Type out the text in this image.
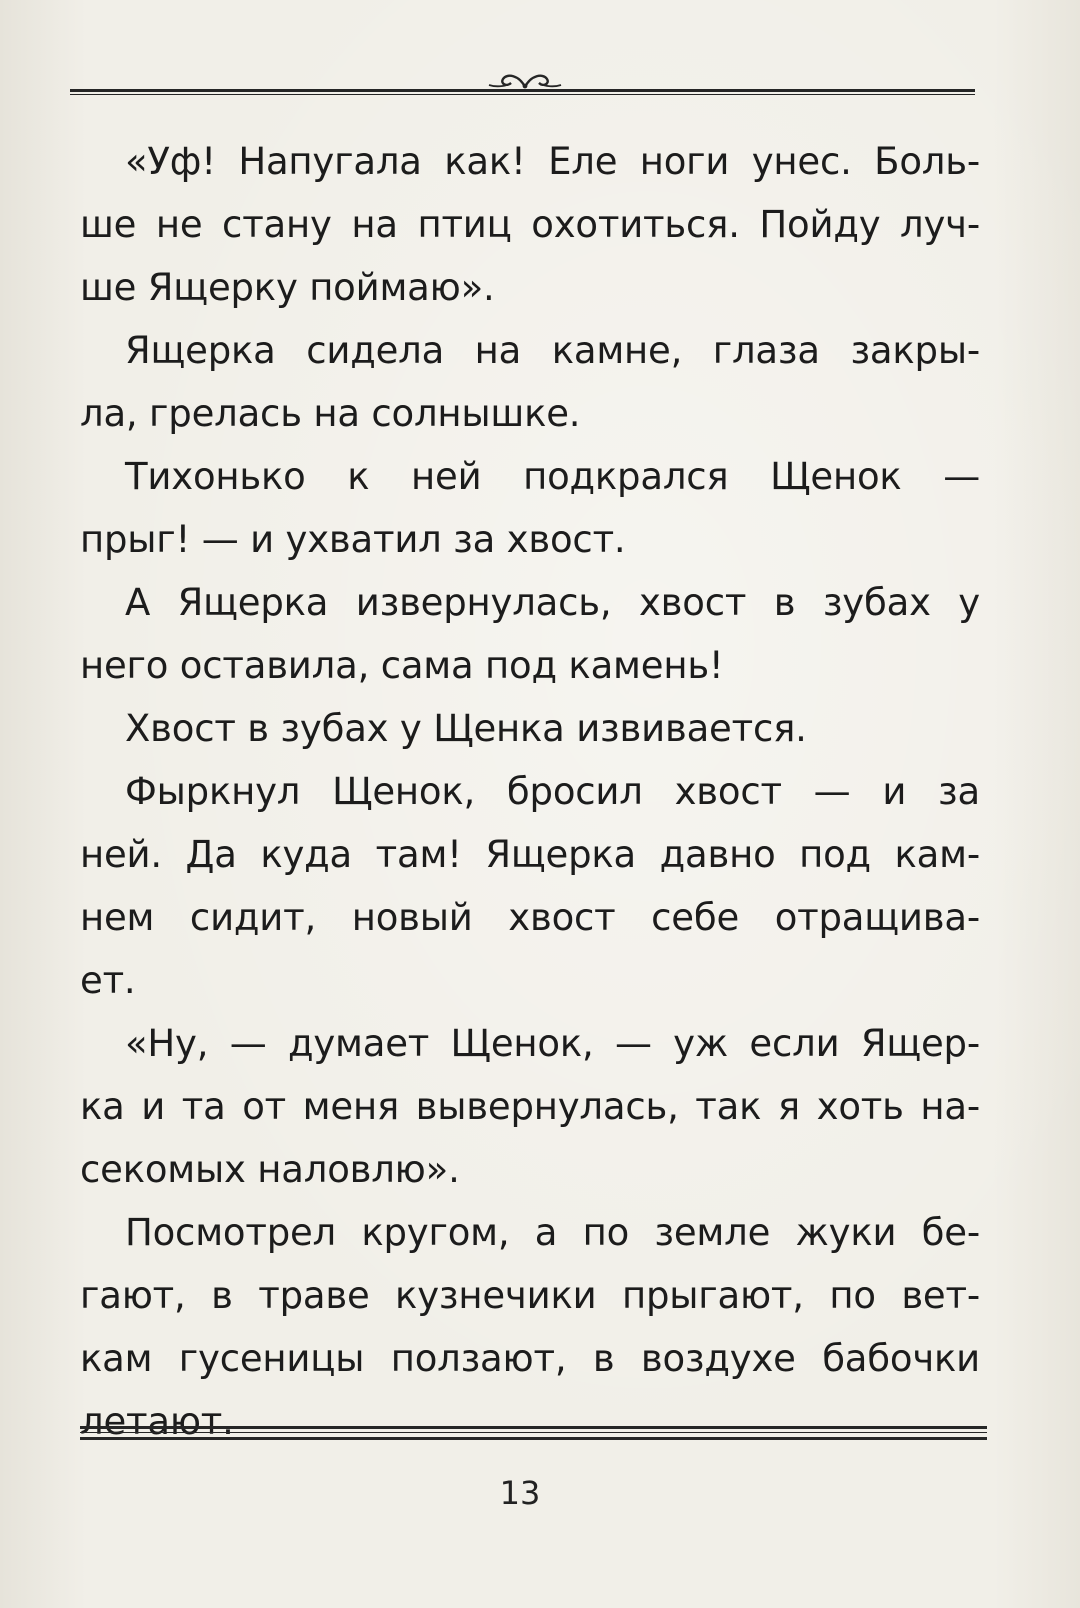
«Уф! Напугала как! Еле ноги унес. Боль-
ше не стану на птиц охотиться. Пойду луч-
ше Ящерку поймаю».
Ящерка сидела на камне, глаза закры-
ла, грелась на солнышке.
Тихонько к ней подкрался Щенок —
прыг! — и ухватил за хвост.
А Ящерка извернулась, хвост в зубах у
него оставила, сама под камень!
Хвост в зубах у Щенка извивается.
Фыркнул Щенок, бросил хвост — и за
ней. Да куда там! Ящерка давно под кам-
нем сидит, новый хвост себе отращива-
ет.
«Ну, — думает Щенок, — уж если Ящер-
ка и та от меня вывернулась, так я хоть на-
секомых наловлю».
Посмотрел кругом, а по земле жуки бе-
гают, в траве кузнечики прыгают, по вет-
кам гусеницы ползают, в воздухе бабочки
летают.
13
